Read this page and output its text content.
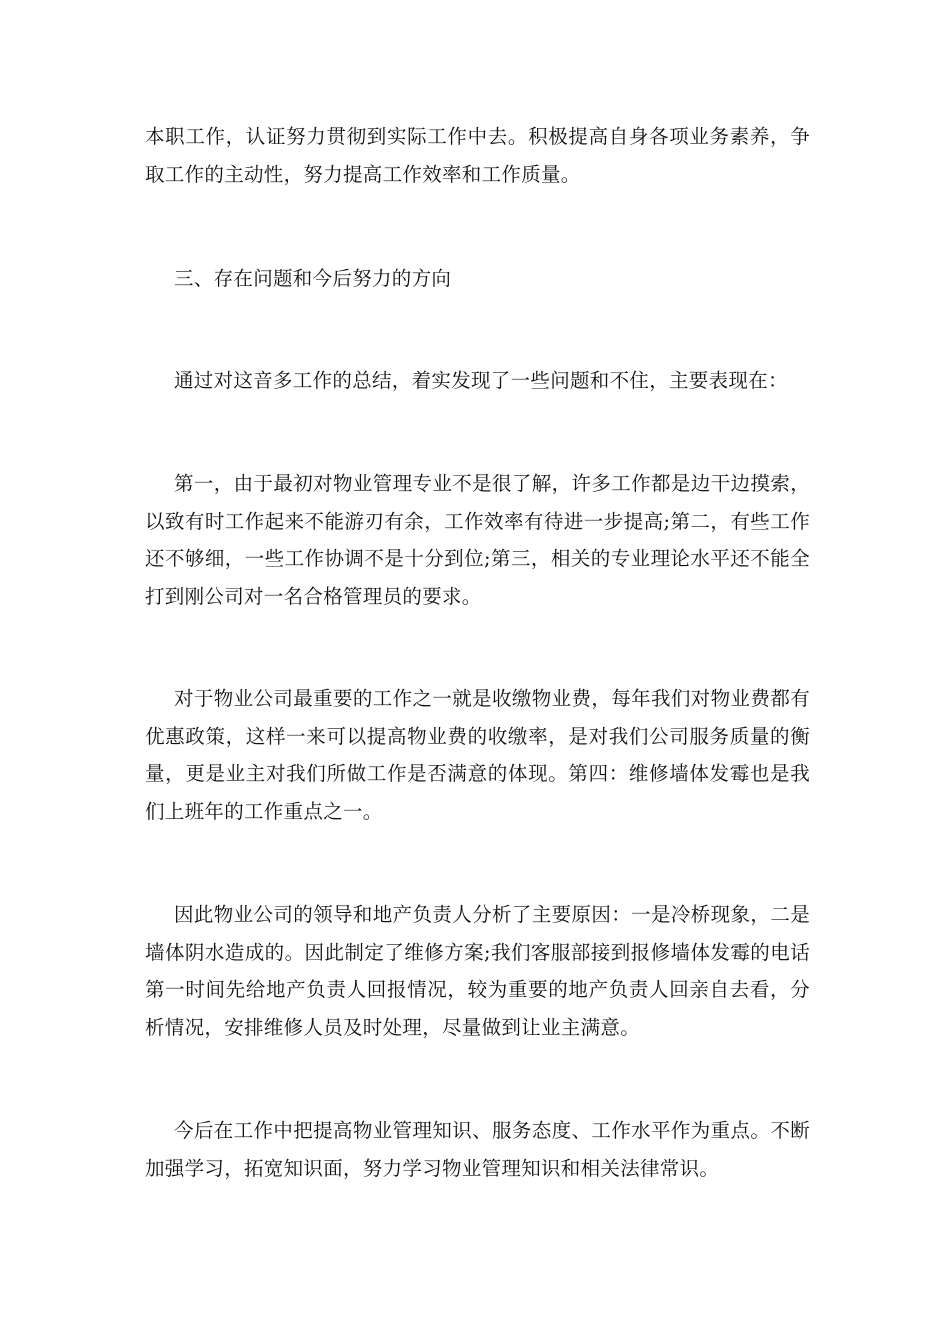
本职工作，认证努力贯彻到实际工作中去。积极提高自身各项业务素养，争取工作的主动性，努力提高工作效率和工作质量。

三、存在问题和今后努力的方向

通过对这音多工作的总结，着实发现了一些问题和不住，主要表现在：

第一，由于最初对物业管理专业不是很了解，许多工作都是边干边摸索，以致有时工作起来不能游刃有余，工作效率有待进一步提高;第二，有些工作还不够细，一些工作协调不是十分到位;第三，相关的专业理论水平还不能全打到刚公司对一名合格管理员的要求。

对于物业公司最重要的工作之一就是收缴物业费，每年我们对物业费都有优惠政策，这样一来可以提高物业费的收缴率，是对我们公司服务质量的衡量，更是业主对我们所做工作是否满意的体现。第四：维修墙体发霉也是我们上班年的工作重点之一。

因此物业公司的领导和地产负责人分析了主要原因：一是冷桥现象，二是墙体阴水造成的。因此制定了维修方案;我们客服部接到报修墙体发霉的电话第一时间先给地产负责人回报情况，较为重要的地产负责人回亲自去看，分析情况，安排维修人员及时处理，尽量做到让业主满意。

今后在工作中把提高物业管理知识、服务态度、工作水平作为重点。不断加强学习，拓宽知识面，努力学习物业管理知识和相关法律常识。
